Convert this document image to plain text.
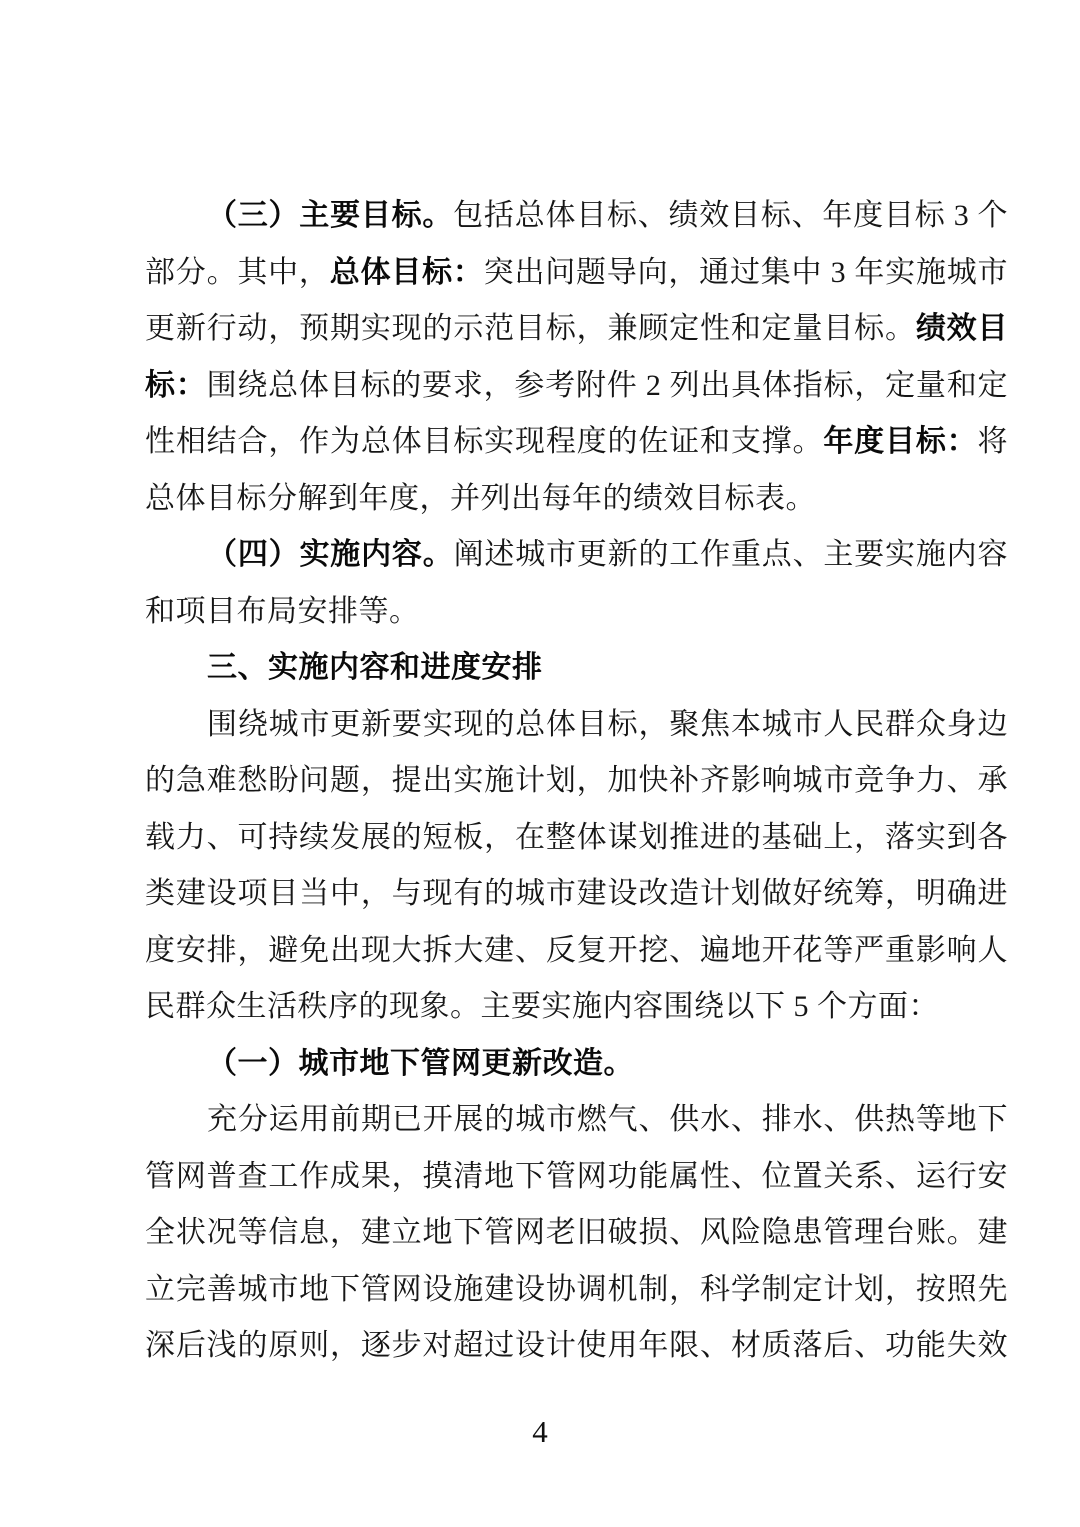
（三）主要目标。包括总体目标、绩效目标、年度目标 3 个
部分。其中，总体目标：突出问题导向，通过集中 3 年实施城市
更新行动，预期实现的示范目标，兼顾定性和定量目标。绩效目
标：围绕总体目标的要求，参考附件 2 列出具体指标，定量和定
性相结合，作为总体目标实现程度的佐证和支撑。年度目标：将
总体目标分解到年度，并列出每年的绩效目标表。
（四）实施内容。阐述城市更新的工作重点、主要实施内容
和项目布局安排等。
三、实施内容和进度安排
围绕城市更新要实现的总体目标，聚焦本城市人民群众身边
的急难愁盼问题，提出实施计划，加快补齐影响城市竞争力、承
载力、可持续发展的短板，在整体谋划推进的基础上，落实到各
类建设项目当中，与现有的城市建设改造计划做好统筹，明确进
度安排，避免出现大拆大建、反复开挖、遍地开花等严重影响人
民群众生活秩序的现象。主要实施内容围绕以下 5 个方面：
（一）城市地下管网更新改造。
充分运用前期已开展的城市燃气、供水、排水、供热等地下
管网普查工作成果，摸清地下管网功能属性、位置关系、运行安
全状况等信息，建立地下管网老旧破损、风险隐患管理台账。建
立完善城市地下管网设施建设协调机制，科学制定计划，按照先
深后浅的原则，逐步对超过设计使用年限、材质落后、功能失效
4
